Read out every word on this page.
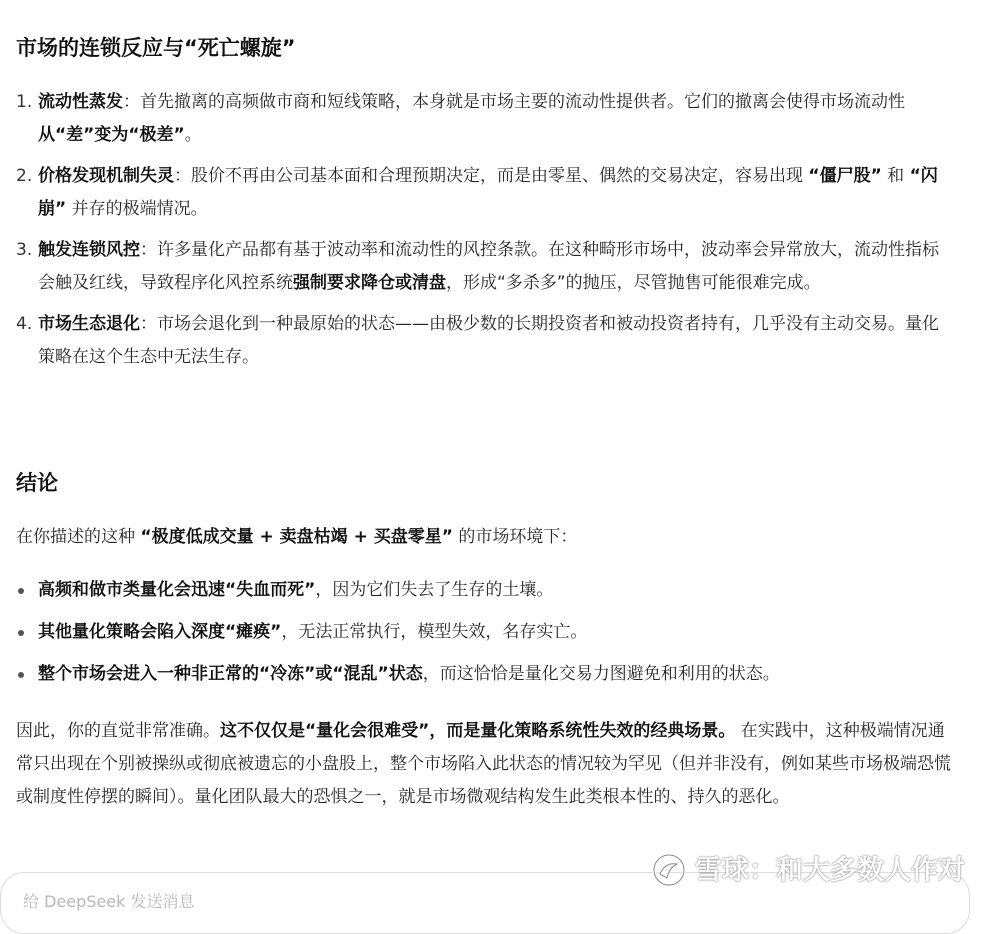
市场的连锁反应与“死亡螺旋”
1. 流动性蒸发：首先撤离的高频做市商和短线策略，本身就是市场主要的流动性提供者。它们的撤离会使得市场流动性从“差”变为“极差”。
2. 价格发现机制失灵：股价不再由公司基本面和合理预期决定，而是由零星、偶然的交易决定，容易出现 “僵尸股” 和 “闪崩” 并存的极端情况。
3. 触发连锁风控：许多量化产品都有基于波动率和流动性的风控条款。在这种畸形市场中，波动率会异常放大，流动性指标会触及红线，导致程序化风控系统强制要求降仓或清盘，形成“多杀多”的抛压，尽管抛售可能很难完成。
4. 市场生态退化：市场会退化到一种最原始的状态——由极少数的长期投资者和被动投资者持有，几乎没有主动交易。量化策略在这个生态中无法生存。
结论

在你描述的这种 “极度低成交量 + 卖盘枯竭 + 买盘零星” 的市场环境下：

高频和做市类量化会迅速“失血而死”，因为它们失去了生存的土壤。
其他量化策略会陷入深度“瘫痪”，无法正常执行，模型失效，名存实亡。
整个市场会进入一种非正常的“冷冻”或“混乱”状态，而这恰恰是量化交易力图避免和利用的状态。

因此，你的直觉非常准确。这不仅仅是“量化会很难受”，而是量化策略系统性失效的经典场景。 在实践中，这种极端情况通常只出现在个别被操纵或彻底被遗忘的小盘股上，整个市场陷入此状态的情况较为罕见（但并非没有，例如某些市场极端恐慌或制度性停摆的瞬间）。量化团队最大的恐惧之一，就是市场微观结构发生此类根本性的、持久的恶化。

给 DeepSeek 发送消息
雪球：和大多数人作对
